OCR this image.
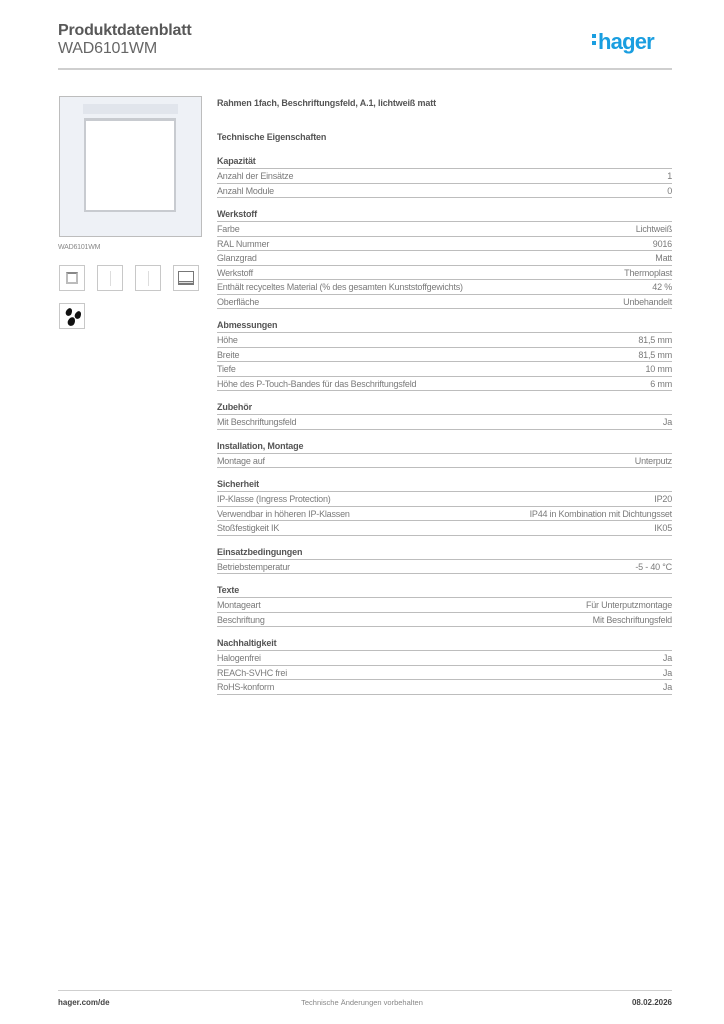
Produktdatenblatt
WAD6101WM	hager
WAD6101WM
Rahmen 1fach, Beschriftungsfeld, A.1, lichtweiß matt
Technische Eigenschaften
Kapazität
Anzahl der Einsätze	1
Anzahl Module	0
Werkstoff
Farbe	Lichtweiß
RAL Nummer	9016
Glanzgrad	Matt
Werkstoff	Thermoplast
Enthält recyceltes Material (% des gesamten Kunststoffgewichts)	42 %
Oberfläche	Unbehandelt
Abmessungen
Höhe	81,5 mm
Breite	81,5 mm
Tiefe	10 mm
Höhe des P-Touch-Bandes für das Beschriftungsfeld	6 mm
Zubehör
Mit Beschriftungsfeld	Ja
Installation, Montage
Montage auf	Unterputz
Sicherheit
IP-Klasse (Ingress Protection)	IP20
Verwendbar in höheren IP-Klassen	IP44 in Kombination mit Dichtungsset
Stoßfestigkeit IK	IK05
Einsatzbedingungen
Betriebstemperatur	-5 - 40 °C
Texte
Montageart	Für Unterputzmontage
Beschriftung	Mit Beschriftungsfeld
Nachhaltigkeit
Halogenfrei	Ja
REACh-SVHC frei	Ja
RoHS-konform	Ja
hager.com/de	Technische Änderungen vorbehalten	08.02.2026
